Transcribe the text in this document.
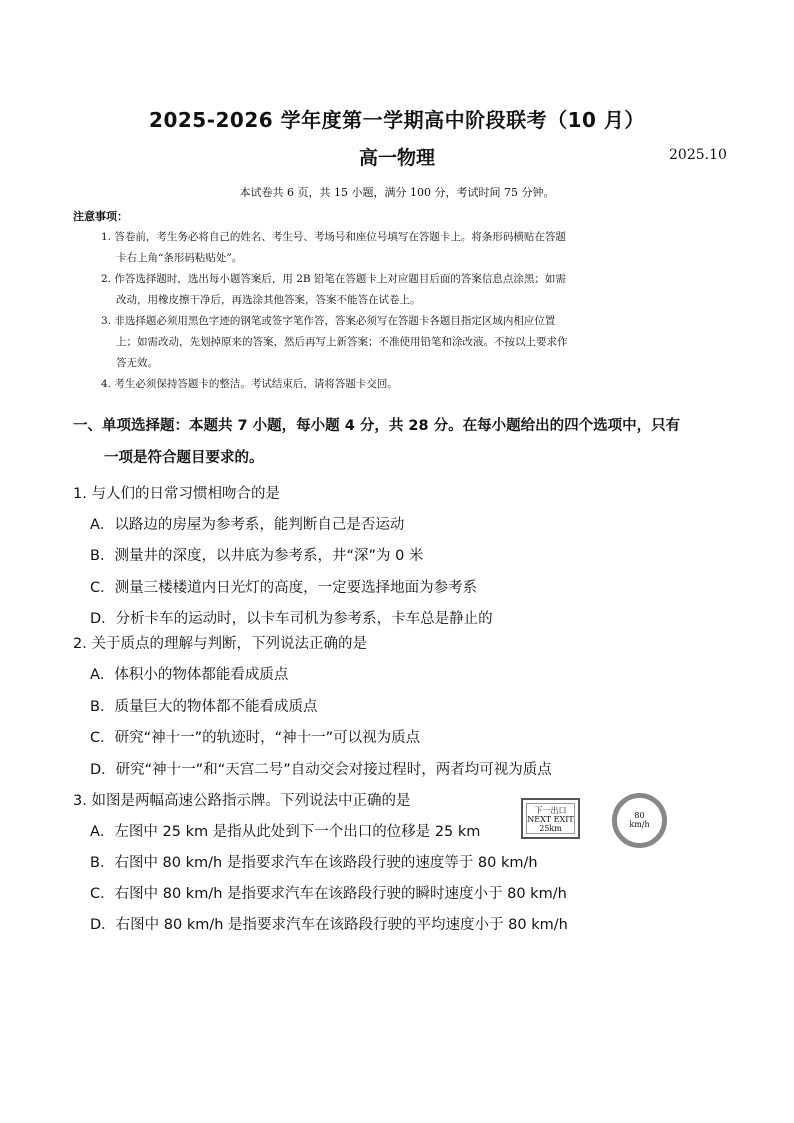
2025-2026 学年度第一学期高中阶段联考（10 月）
高一物理	2025.10
本试卷共 6 页，共 15 小题，满分 100 分，考试时间 75 分钟。
注意事项：
1. 答卷前，考生务必将自己的姓名、考生号、考场号和座位号填写在答题卡上。将条形码横贴在答题
卡右上角“条形码粘贴处”。
2. 作答选择题时，选出每小题答案后，用 2B 铅笔在答题卡上对应题目后面的答案信息点涂黑；如需
改动，用橡皮擦干净后，再选涂其他答案，答案不能答在试卷上。
3. 非选择题必须用黑色字迹的钢笔或签字笔作答，答案必须写在答题卡各题目指定区域内相应位置
上；如需改动，先划掉原来的答案，然后再写上新答案；不准使用铅笔和涂改液。不按以上要求作
答无效。
4. 考生必须保持答题卡的整洁。考试结束后，请将答题卡交回。
一、单项选择题：本题共 7 小题，每小题 4 分，共 28 分。在每小题给出的四个选项中，只有
一项是符合题目要求的。
1. 与人们的日常习惯相吻合的是
A．以路边的房屋为参考系，能判断自己是否运动
B．测量井的深度，以井底为参考系，井“深”为 0 米
C．测量三楼楼道内日光灯的高度，一定要选择地面为参考系
D．分析卡车的运动时，以卡车司机为参考系，卡车总是静止的
2. 关于质点的理解与判断，下列说法正确的是
A．体积小的物体都能看成质点
B．质量巨大的物体都不能看成质点
C．研究“神十一”的轨迹时，“神十一”可以视为质点
D．研究“神十一”和“天宫二号”自动交会对接过程时，两者均可视为质点
3. 如图是两幅高速公路指示牌。下列说法中正确的是
A．左图中 25 km 是指从此处到下一个出口的位移是 25 km
B．右图中 80 km/h 是指要求汽车在该路段行驶的速度等于 80 km/h
C．右图中 80 km/h 是指要求汽车在该路段行驶的瞬时速度小于 80 km/h
D．右图中 80 km/h 是指要求汽车在该路段行驶的平均速度小于 80 km/h
下一出口
NEXT EXIT
25km
80
km/h
